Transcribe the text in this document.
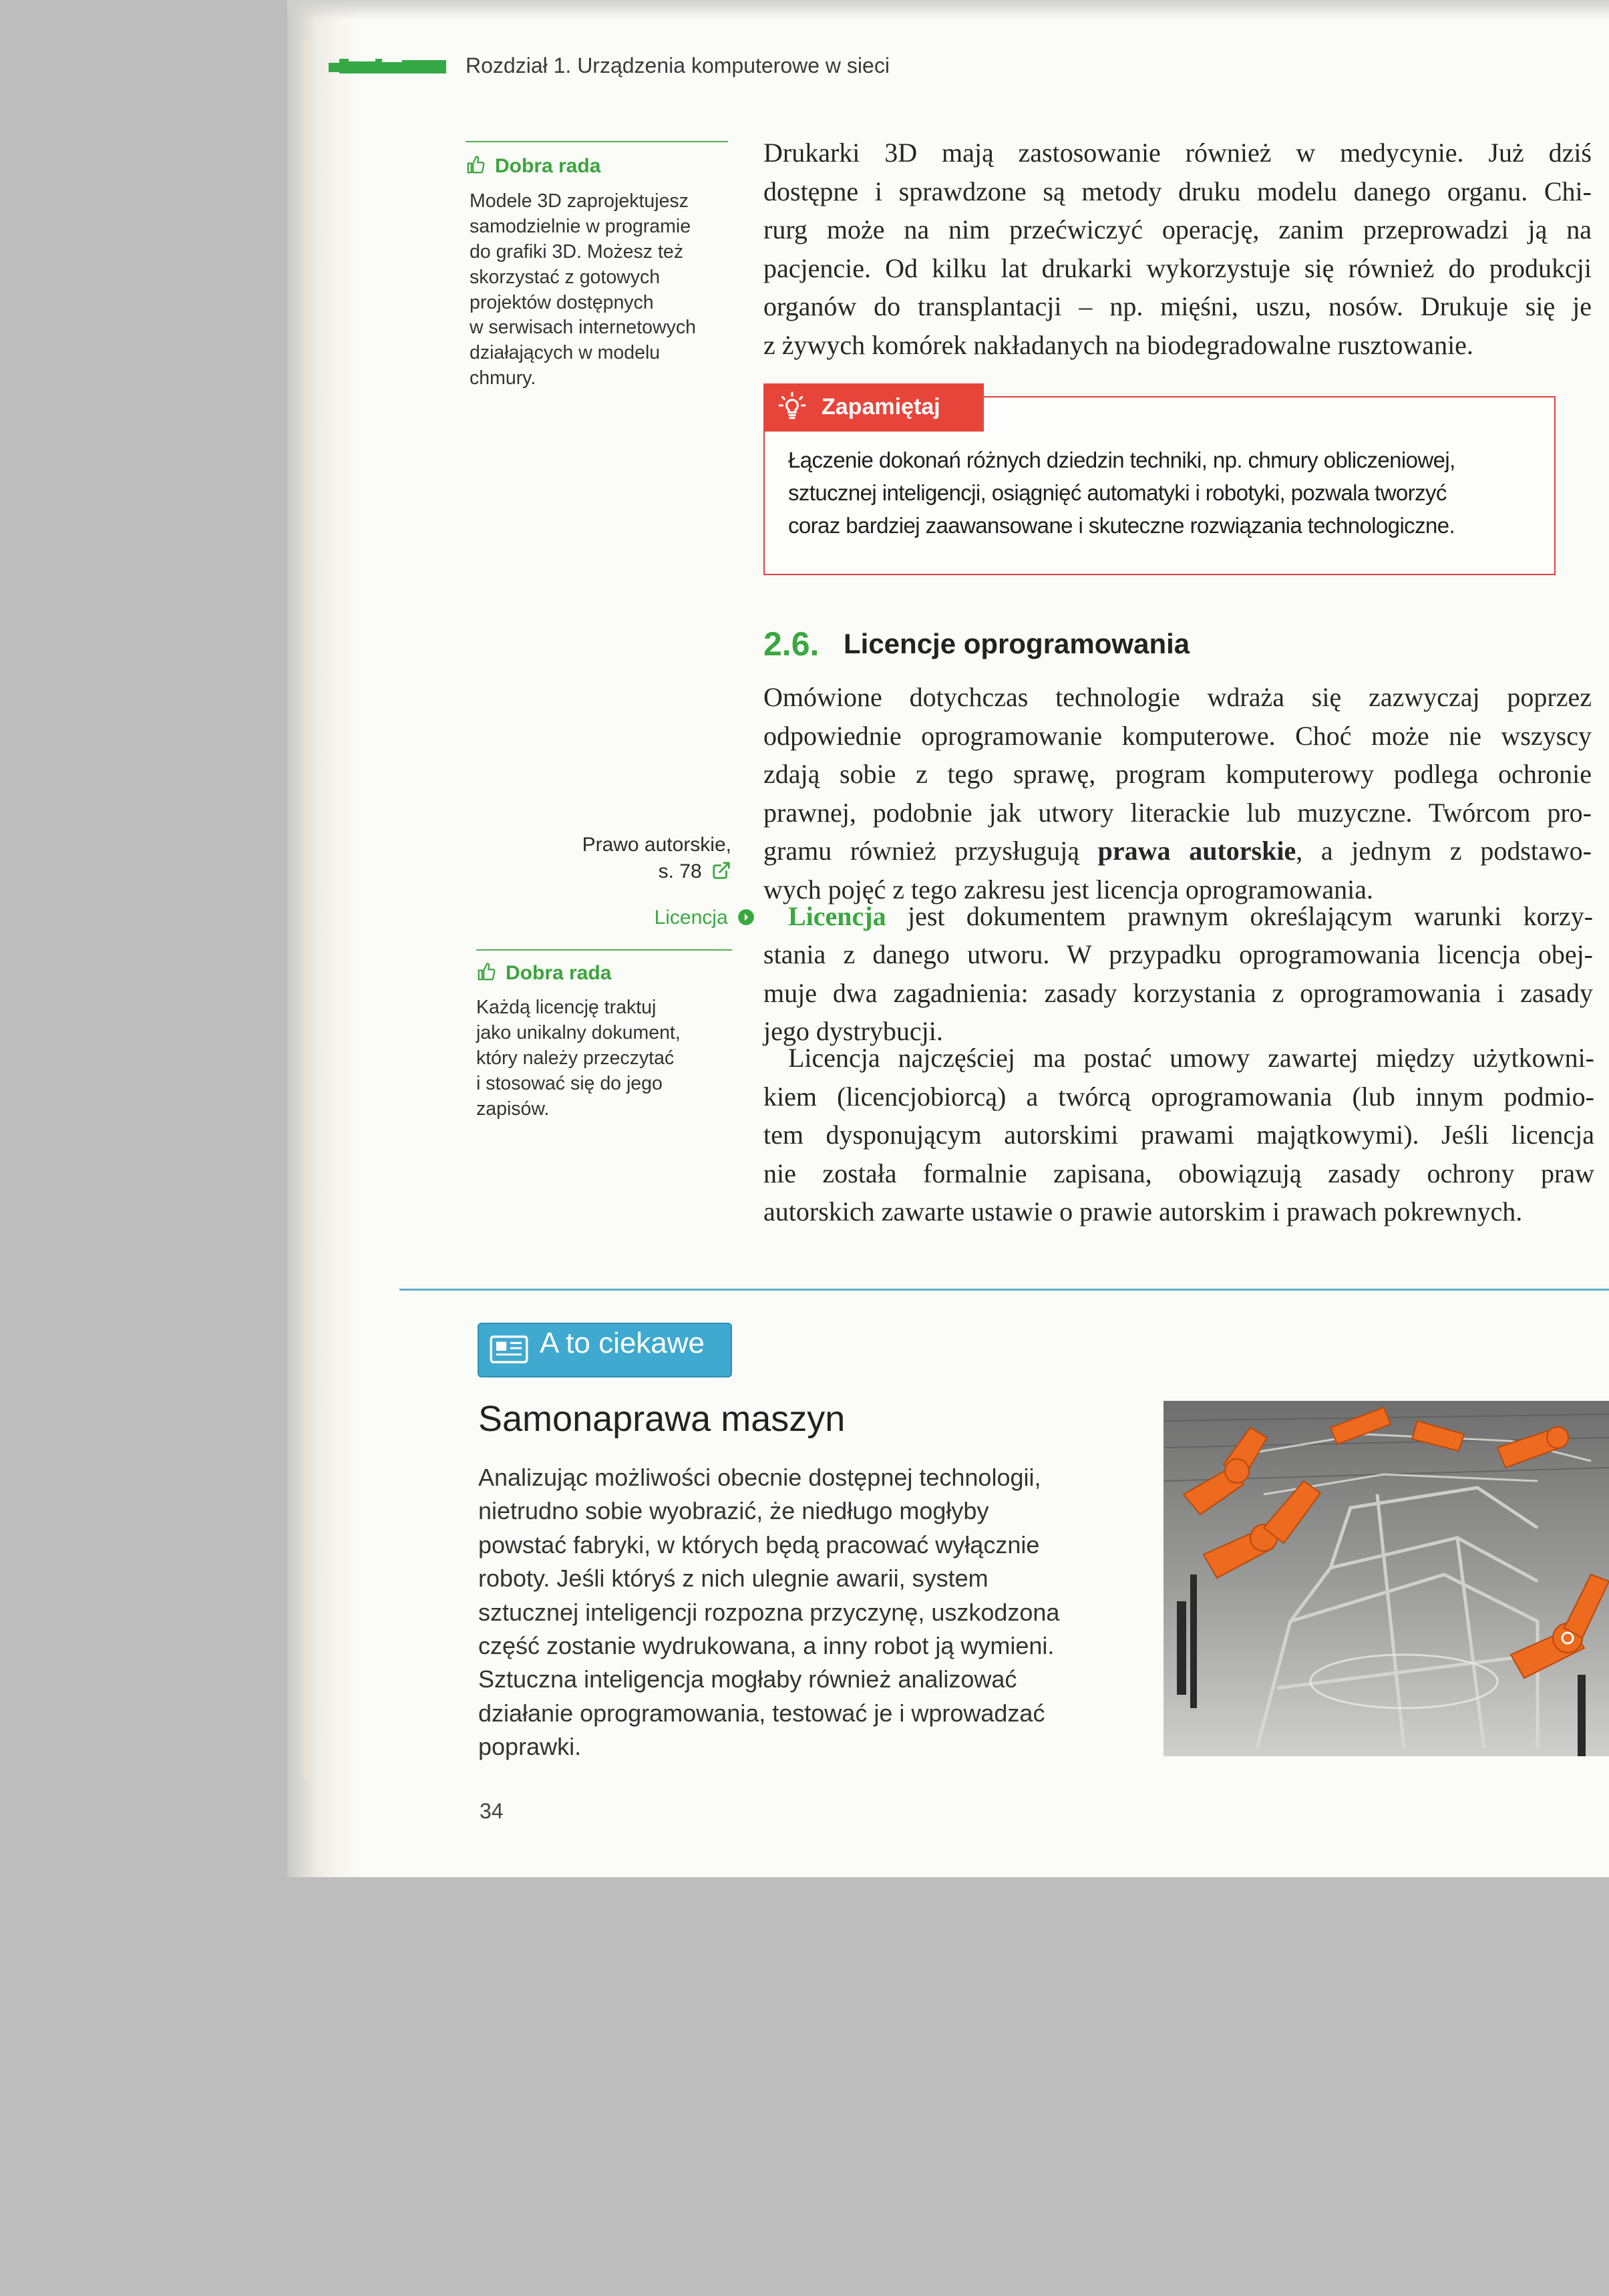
Rozdział 1. Urządzenia komputerowe w sieci
Dobra rada
Modele 3D zaprojektujesz
samodzielnie w programie
do grafiki 3D. Możesz też
skorzystać z gotowych
projektów dostępnych
w serwisach internetowych
działających w modelu
chmury.
Drukarki 3D mają zastosowanie również w medycynie. Już dziś
dostępne i sprawdzone są metody druku modelu danego organu. Chi-
rurg może na nim przećwiczyć operację, zanim przeprowadzi ją na
pacjencie. Od kilku lat drukarki wykorzystuje się również do produkcji
organów do transplantacji – np. mięśni, uszu, nosów. Drukuje się je
z żywych komórek nakładanych na biodegradowalne rusztowanie.
Zapamiętaj
Łączenie dokonań różnych dziedzin techniki, np. chmury obliczeniowej,
sztucznej inteligencji, osiągnięć automatyki i robotyki, pozwala tworzyć
coraz bardziej zaawansowane i skuteczne rozwiązania technologiczne.
2.6. Licencje oprogramowania
Omówione dotychczas technologie wdraża się zazwyczaj poprzez
odpowiednie oprogramowanie komputerowe. Choć może nie wszyscy
zdają sobie z tego sprawę, program komputerowy podlega ochronie
prawnej, podobnie jak utwory literackie lub muzyczne. Twórcom pro-
gramu również przysługują prawa autorskie, a jednym z podstawo-
wych pojęć z tego zakresu jest licencja oprogramowania.
Prawo autorskie,
s. 78
Licencja	Licencja jest dokumentem prawnym określającym warunki korzy-
stania z danego utworu. W przypadku oprogramowania licencja obej-
muje dwa zagadnienia: zasady korzystania z oprogramowania i zasady
jego dystrybucji.
Dobra rada
Każdą licencję traktuj
jako unikalny dokument,
który należy przeczytać
i stosować się do jego
zapisów.
Licencja najczęściej ma postać umowy zawartej między użytkowni-
kiem (licencjobiorcą) a twórcą oprogramowania (lub innym podmio-
tem dysponującym autorskimi prawami majątkowymi). Jeśli licencja
nie została formalnie zapisana, obowiązują zasady ochrony praw
autorskich zawarte ustawie o prawie autorskim i prawach pokrewnych.
A to ciekawe
Samonaprawa maszyn
Analizując możliwości obecnie dostępnej technologii,
nietrudno sobie wyobrazić, że niedługo mogłyby
powstać fabryki, w których będą pracować wyłącznie
roboty. Jeśli któryś z nich ulegnie awarii, system
sztucznej inteligencji rozpozna przyczynę, uszkodzona
część zostanie wydrukowana, a inny robot ją wymieni.
Sztuczna inteligencja mogłaby również analizować
działanie oprogramowania, testować je i wprowadzać
poprawki.
34
